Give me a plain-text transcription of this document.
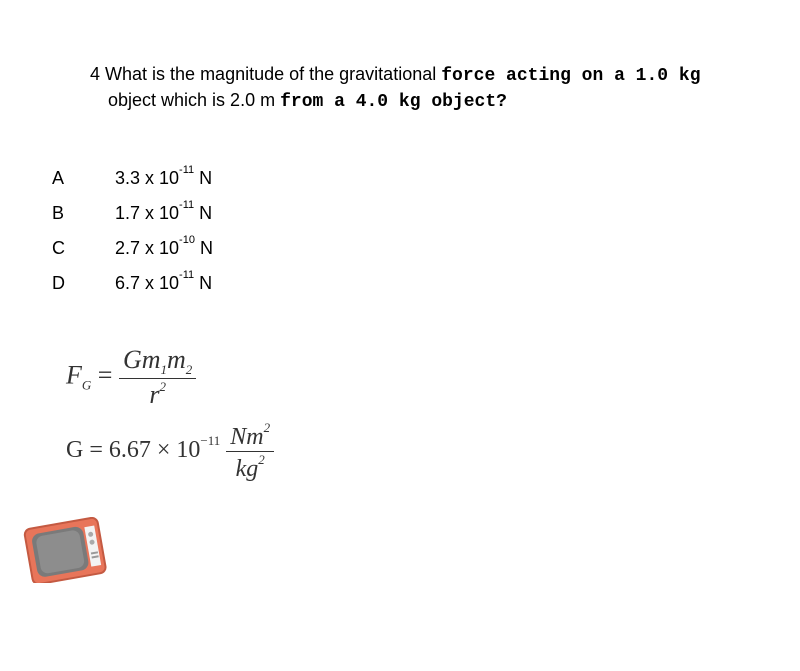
4 What is the magnitude of the gravitational force acting on a 1.0 kg
object which is 2.0 m from a 4.0 kg object?
A	3.3 x $10^{-11}$ N
B	1.7 x $10^{-11}$ N
C	2.7 x $10^{-10}$ N
D	6.7 x $10^{-11}$ N
$F_G = \frac{Gm_1m_2}{r^2}$
$G = 6.67 \times 10^{-11} \frac{Nm^2}{kg^2}$
